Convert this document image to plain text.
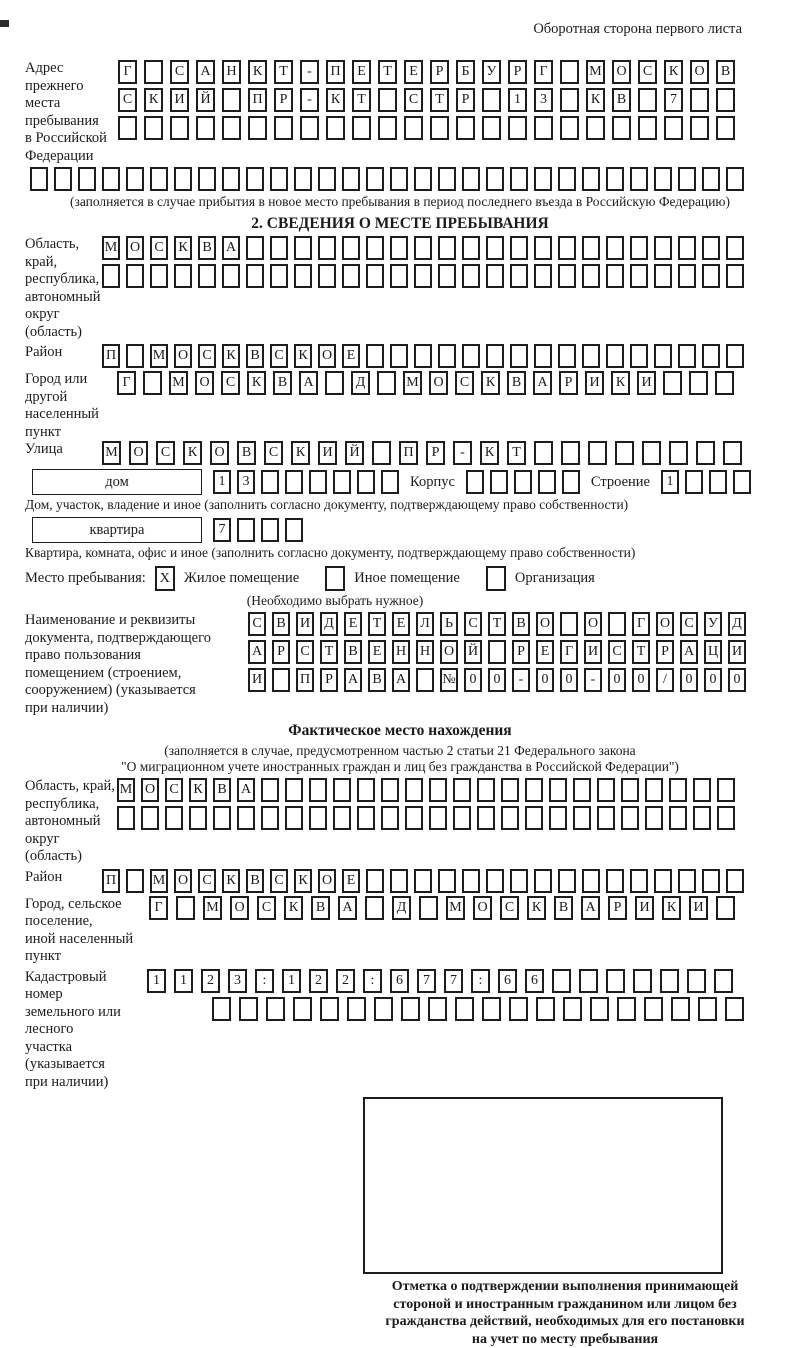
Оборотная сторона первого листа
Адрес прежнего
места пребывания
в Российской
Федерации
Г	С	А	Н	К	Т	-	П	Е	Т	Е	Р	Б	У	Р	Г	М	О	С	К	О	В
С	К	И	Й	П	Р	-	К	Т	С	Т	Р	1	3	К	В	7
(заполняется в случае прибытия в новое место пребывания в период последнего въезда в Российскую Федерацию)
2. СВЕДЕНИЯ О МЕСТЕ ПРЕБЫВАНИЯ
Область, край,
республика,
автономный
округ (область)
М О	С	К	В	А
Район	П	М О	С	К	В	С	К	О	Е
Город или другой
населенный пункт
Г	М	О	С	К	В	А	Д	М	О	С	К	В	А	Р	И	К	И
Улица	М	О	С	К	О	В	С	К	И	Й	П	Р	-	К	Т
дом	1	3	Корпус	Строение	1
Дом, участок, владение и иное (заполнить согласно документу, подтверждающему право собственности)
квартира	7
Квартира, комната, офис и иное (заполнить согласно документу, подтверждающему право собственности)
Место пребывания: X Жилое помещение	Иное помещение	Организация
(Необходимо выбрать нужное)
Наименование и реквизиты
документа, подтверждающего
право пользования
помещением (строением,
сооружением) (указывается
при наличии)
С	В	И	Д	Е	Т	Е	Л	Ь	С	Т	В	О	О	Г	О	С	У	Д
А	Р	С	Т	В	Е	Н Н О Й	Р	Е	Г	И	С	Т	Р	А Ц И
И	П	Р	А	В	А	№ 0	0	-	0	0	-	0	0	/	0	0	0
Фактическое место нахождения
(заполняется в случае, предусмотренном частью 2 статьи 21 Федерального закона
"О миграционном учете иностранных граждан и лиц без гражданства в Российской Федерации")
Область, край,
республика,
автономный округ
(область)
М О	С	К	В	А
Район	П	М О	С	К	В	С	К	О	Е
Город, сельское поселение,
иной населенный пункт
Г	М	О	С	К	В	А	Д	М	О	С	К	В	А	Р	И	К	И
Кадастровый номер
земельного или лесного
участка (указывается
при наличии)
1	1	2	3	:	1	2	2	:	6	7	7	:	6	6
Отметка о подтверждении выполнения принимающей
стороной и иностранным гражданином или лицом без
гражданства действий, необходимых для его постановки
на учет по месту пребывания
